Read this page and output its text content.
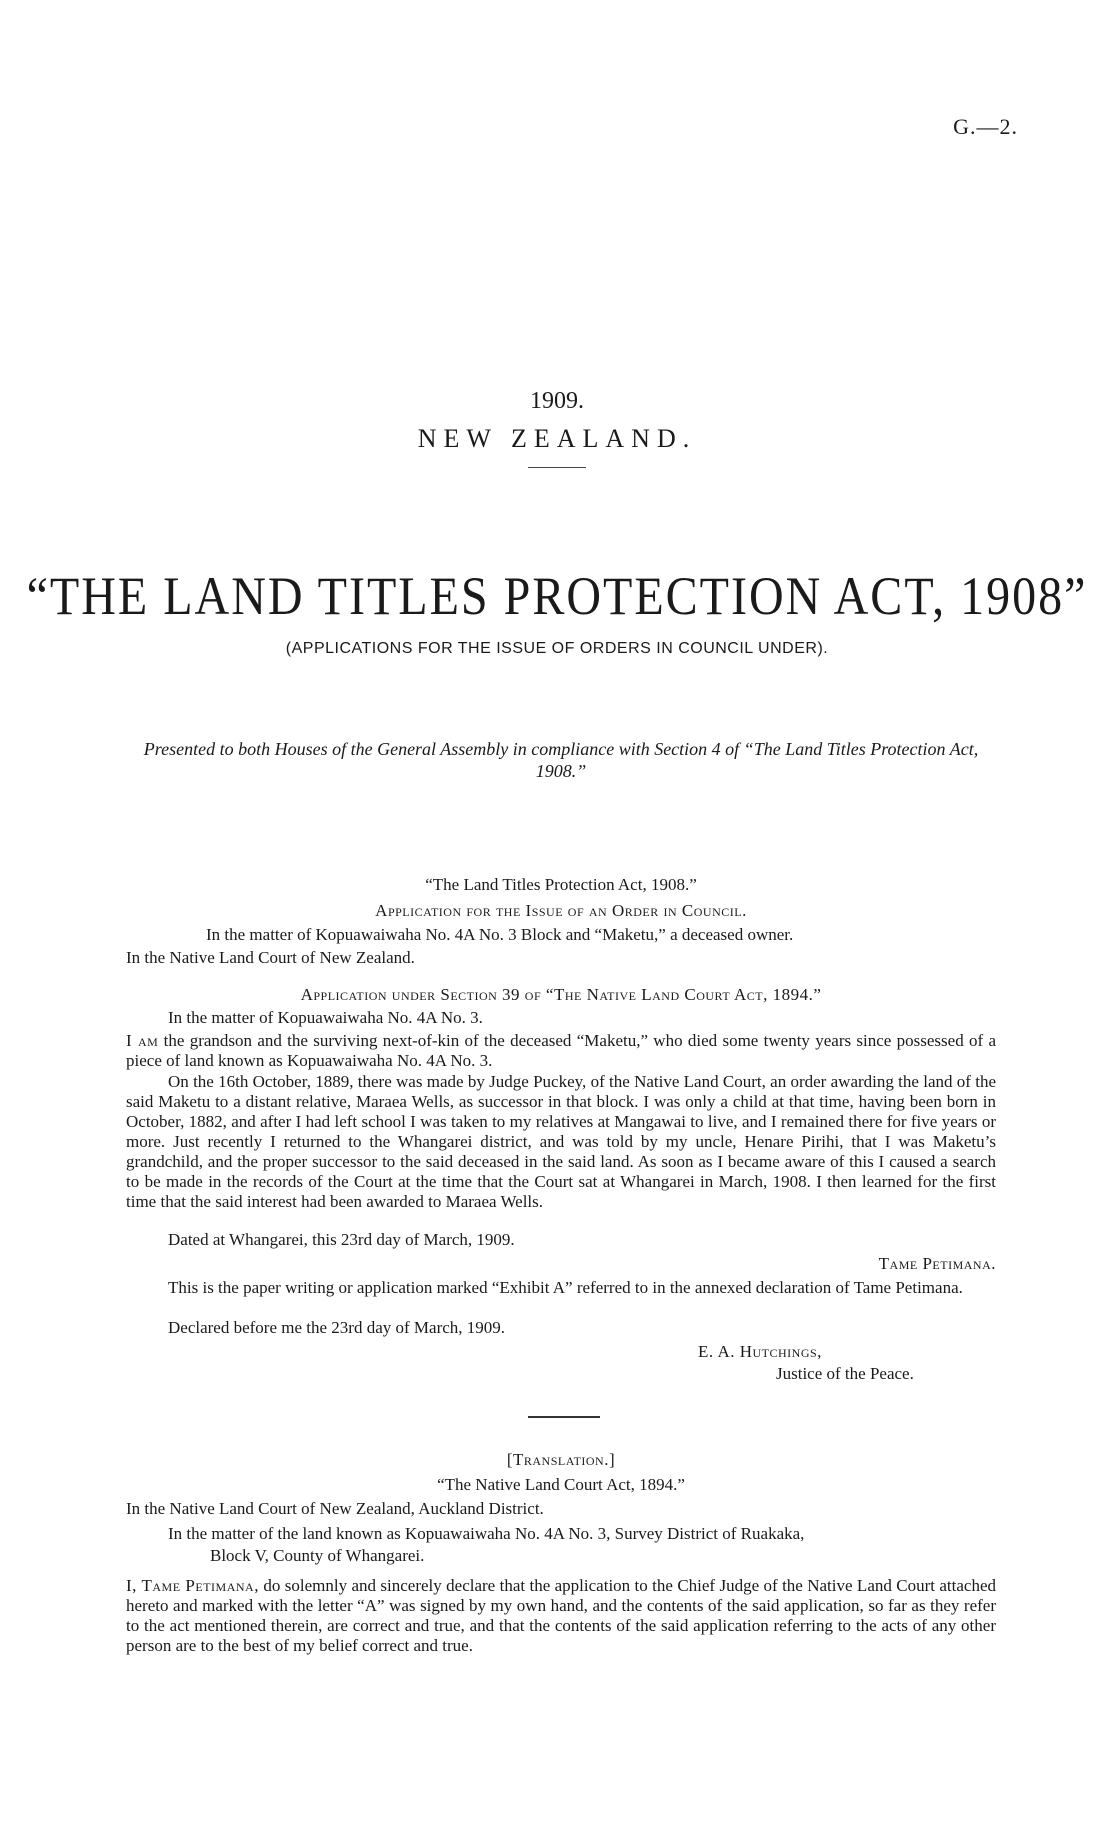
G.—2.
1909.
NEW ZEALAND.
“THE LAND TITLES PROTECTION ACT, 1908”
(APPLICATIONS FOR THE ISSUE OF ORDERS IN COUNCIL UNDER).
Presented to both Houses of the General Assembly in compliance with Section 4 of “The Land Titles Protection Act, 1908.”
“The Land Titles Protection Act, 1908.”
Application for the Issue of an Order in Council.
In the matter of Kopuawaiwaha No. 4A No. 3 Block and “Maketu,” a deceased owner.
In the Native Land Court of New Zealand.
Application under Section 39 of “The Native Land Court Act, 1894.”
In the matter of Kopuawaiwaha No. 4A No. 3.
I am the grandson and the surviving next-of-kin of the deceased “Maketu,” who died some twenty years since possessed of a piece of land known as Kopuawaiwaha No. 4A No. 3.
On the 16th October, 1889, there was made by Judge Puckey, of the Native Land Court, an order awarding the land of the said Maketu to a distant relative, Maraea Wells, as successor in that block. I was only a child at that time, having been born in October, 1882, and after I had left school I was taken to my relatives at Mangawai to live, and I remained there for five years or more. Just recently I returned to the Whangarei district, and was told by my uncle, Henare Pirihi, that I was Maketu’s grandchild, and the proper successor to the said deceased in the said land. As soon as I became aware of this I caused a search to be made in the records of the Court at the time that the Court sat at Whangarei in March, 1908. I then learned for the first time that the said interest had been awarded to Maraea Wells.
Dated at Whangarei, this 23rd day of March, 1909.
Tame Petimana.
This is the paper writing or application marked “Exhibit A” referred to in the annexed declaration of Tame Petimana.
Declared before me the 23rd day of March, 1909.
E. A. Hutchings,
Justice of the Peace.
[Translation.]
“The Native Land Court Act, 1894.”
In the Native Land Court of New Zealand, Auckland District.
In the matter of the land known as Kopuawaiwaha No. 4A No. 3, Survey District of Ruakaka,
Block V, County of Whangarei.
I, Tame Petimana, do solemnly and sincerely declare that the application to the Chief Judge of the Native Land Court attached hereto and marked with the letter “A” was signed by my own hand, and the contents of the said application, so far as they refer to the act mentioned therein, are correct and true, and that the contents of the said application referring to the acts of any other person are to the best of my belief correct and true.
